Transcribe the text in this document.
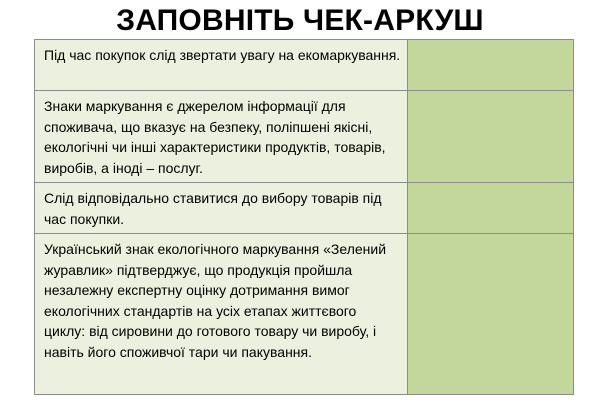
ЗАПОВНІТЬ ЧЕК-АРКУШ
Під час покупок слід звертати увагу на екомаркування.	

Знаки маркування є джерелом інформації для споживача, що вказує на безпеку, поліпшені якісні, екологічні чи інші характеристики продуктів, товарів, виробів, а іноді – послуг.	

Слід відповідально ставитися до вибору товарів під час покупки.	

Український знак екологічного маркування «Зелений журавлик» підтверджує, що продукція пройшла незалежну експертну оцінку дотримання вимог екологічних стандартів на усіх етапах життєвого циклу: від сировини до готового товару чи виробу, і навіть його споживчої тари чи пакування.	
